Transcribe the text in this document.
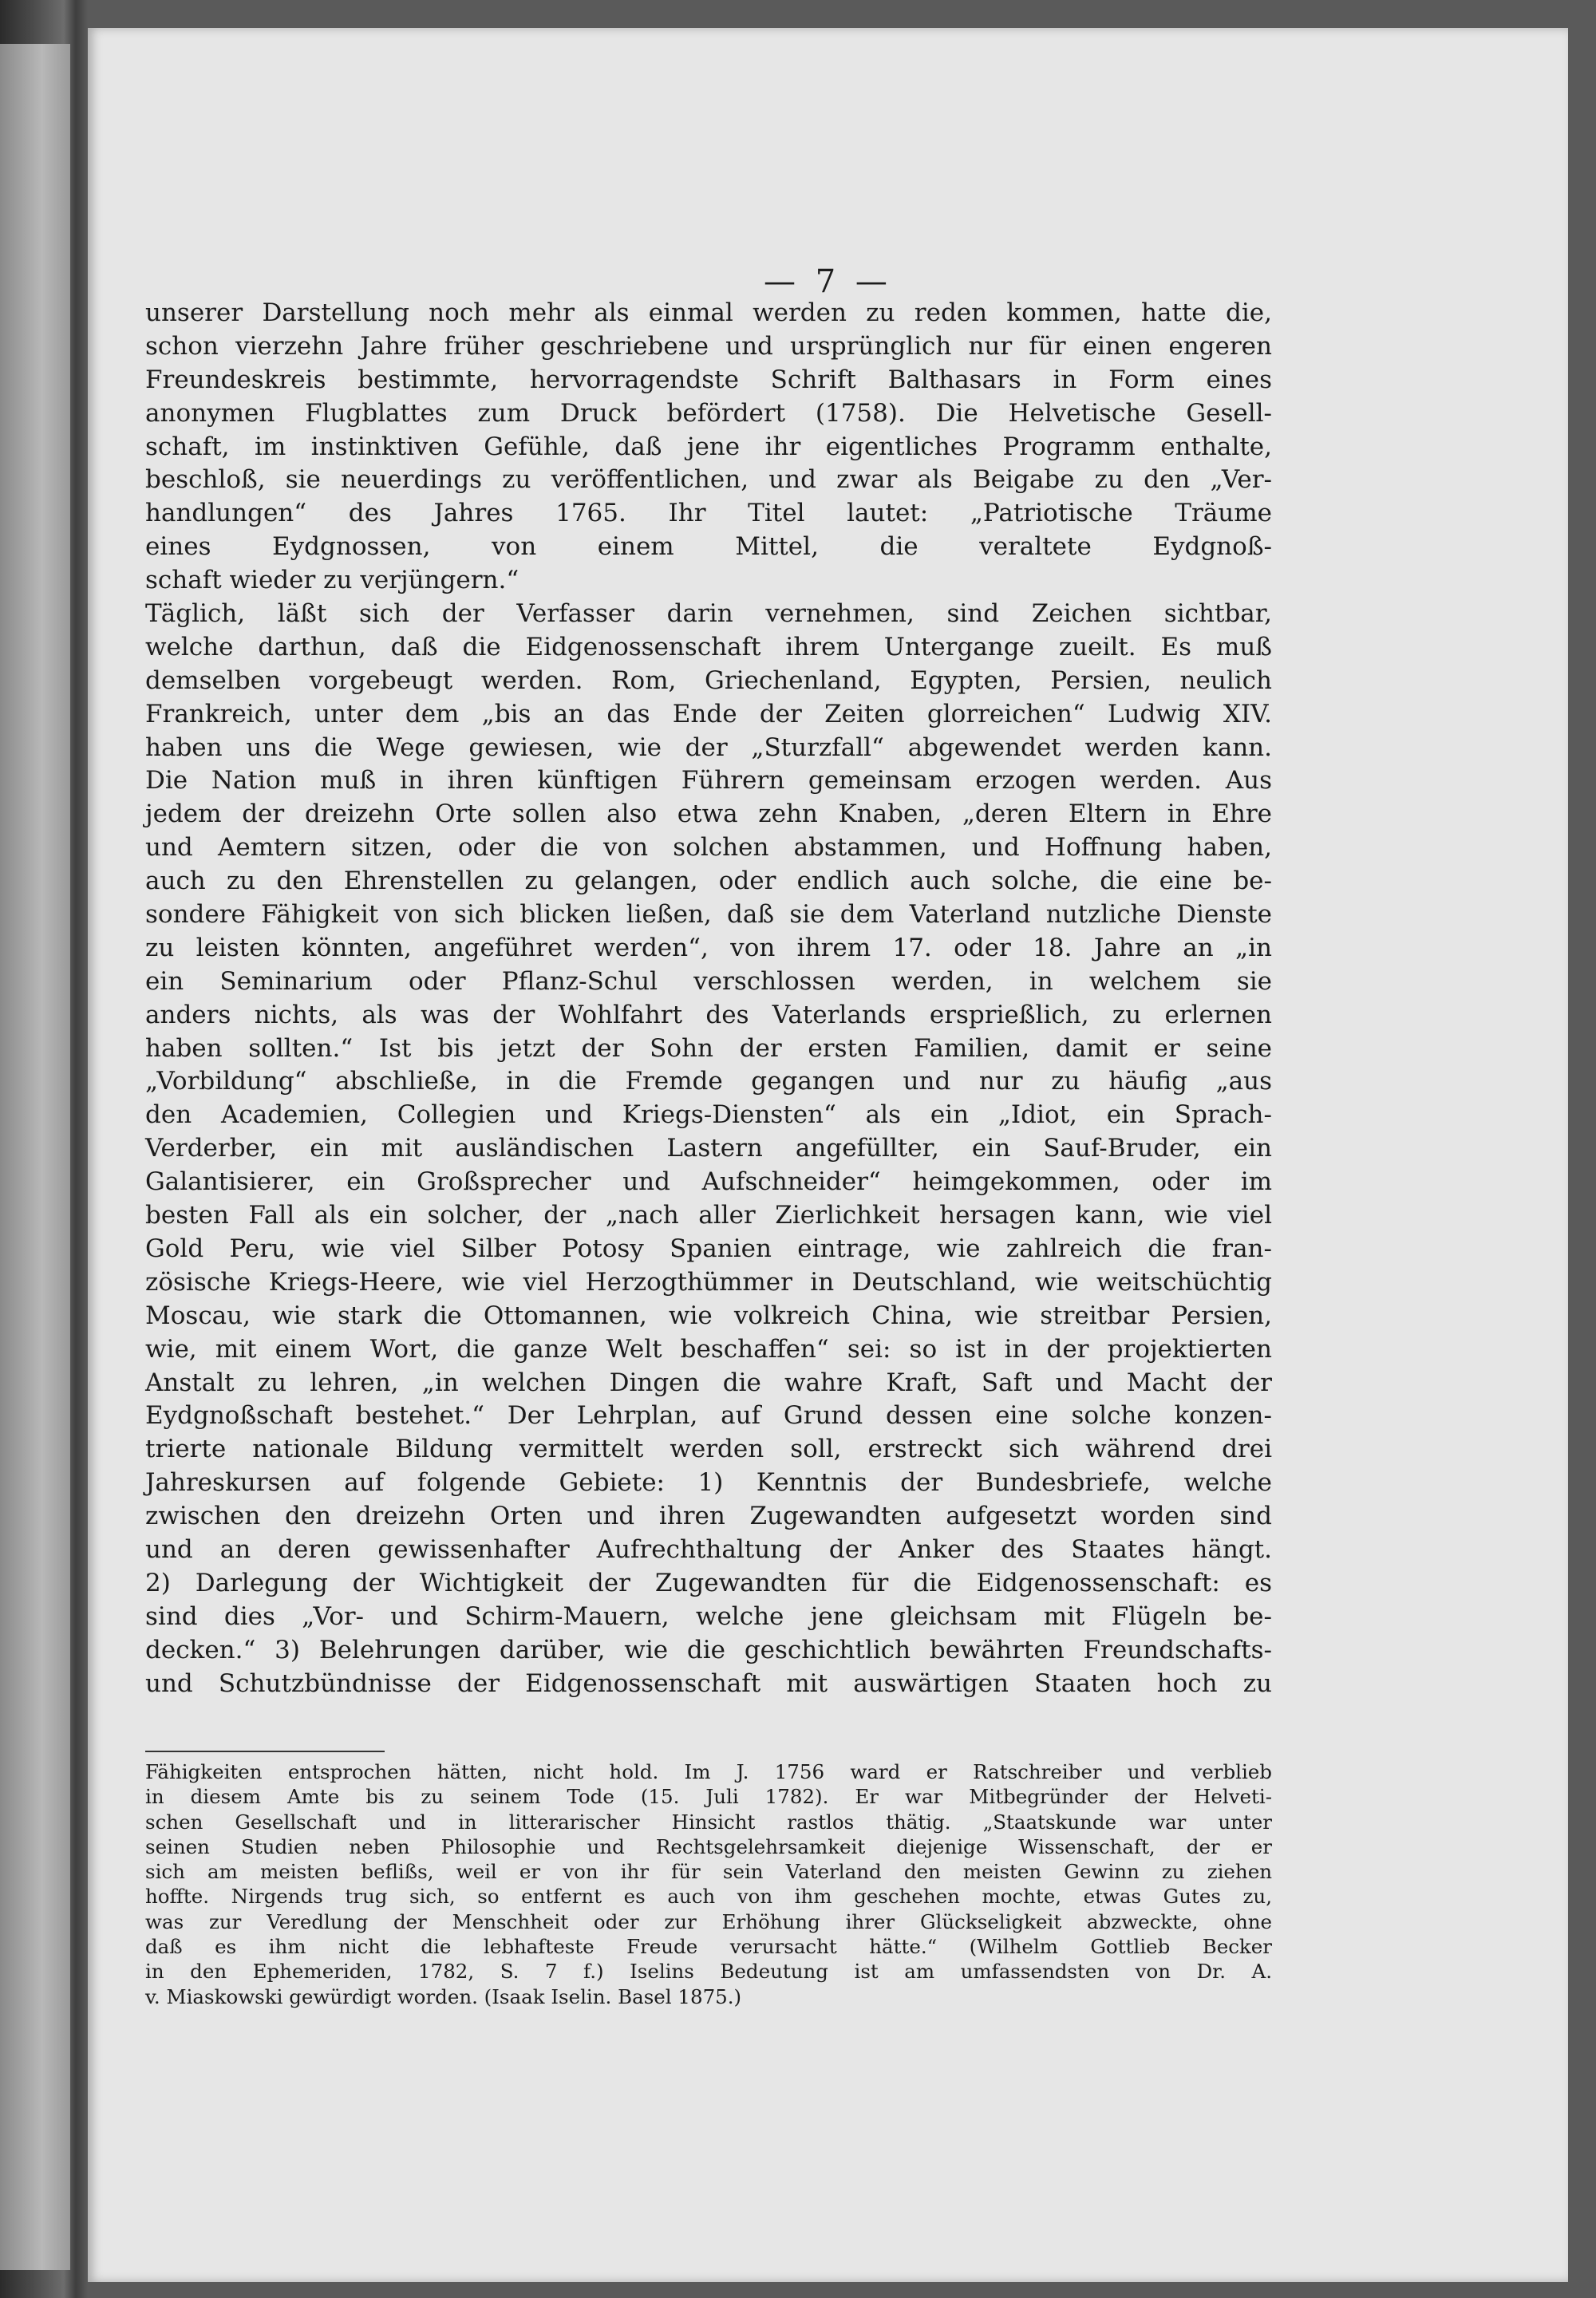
— 7 —
unserer Darstellung noch mehr als einmal werden zu reden kommen, hatte die,
schon vierzehn Jahre früher geschriebene und ursprünglich nur für einen engeren
Freundeskreis bestimmte, hervorragendste Schrift Balthasars in Form eines
anonymen Flugblattes zum Druck befördert (1758). Die Helvetische Gesell-
schaft, im instinktiven Gefühle, daß jene ihr eigentliches Programm enthalte,
beschloß, sie neuerdings zu veröffentlichen, und zwar als Beigabe zu den „Ver-
handlungen“ des Jahres 1765. Ihr Titel lautet: „Patriotische Träume
eines Eydgnossen, von einem Mittel, die veraltete Eydgnoß-
schaft wieder zu verjüngern.“
Täglich, läßt sich der Verfasser darin vernehmen, sind Zeichen sichtbar,
welche darthun, daß die Eidgenossenschaft ihrem Untergange zueilt. Es muß
demselben vorgebeugt werden. Rom, Griechenland, Egypten, Persien, neulich
Frankreich, unter dem „bis an das Ende der Zeiten glorreichen“ Ludwig XIV.
haben uns die Wege gewiesen, wie der „Sturzfall“ abgewendet werden kann.
Die Nation muß in ihren künftigen Führern gemeinsam erzogen werden. Aus
jedem der dreizehn Orte sollen also etwa zehn Knaben, „deren Eltern in Ehre
und Aemtern sitzen, oder die von solchen abstammen, und Hoffnung haben,
auch zu den Ehrenstellen zu gelangen, oder endlich auch solche, die eine be-
sondere Fähigkeit von sich blicken ließen, daß sie dem Vaterland nutzliche Dienste
zu leisten könnten, angeführet werden“, von ihrem 17. oder 18. Jahre an „in
ein Seminarium oder Pflanz-Schul verschlossen werden, in welchem sie
anders nichts, als was der Wohlfahrt des Vaterlands ersprießlich, zu erlernen
haben sollten.“ Ist bis jetzt der Sohn der ersten Familien, damit er seine
„Vorbildung“ abschließe, in die Fremde gegangen und nur zu häufig „aus
den Academien, Collegien und Kriegs-Diensten“ als ein „Idiot, ein Sprach-
Verderber, ein mit ausländischen Lastern angefüllter, ein Sauf-Bruder, ein
Galantisierer, ein Großsprecher und Aufschneider“ heimgekommen, oder im
besten Fall als ein solcher, der „nach aller Zierlichkeit hersagen kann, wie viel
Gold Peru, wie viel Silber Potosy Spanien eintrage, wie zahlreich die fran-
zösische Kriegs-Heere, wie viel Herzogthümmer in Deutschland, wie weitschüchtig
Moscau, wie stark die Ottomannen, wie volkreich China, wie streitbar Persien,
wie, mit einem Wort, die ganze Welt beschaffen“ sei: so ist in der projektierten
Anstalt zu lehren, „in welchen Dingen die wahre Kraft, Saft und Macht der
Eydgnoßschaft bestehet.“ Der Lehrplan, auf Grund dessen eine solche konzen-
trierte nationale Bildung vermittelt werden soll, erstreckt sich während drei
Jahreskursen auf folgende Gebiete: 1) Kenntnis der Bundesbriefe, welche
zwischen den dreizehn Orten und ihren Zugewandten aufgesetzt worden sind
und an deren gewissenhafter Aufrechthaltung der Anker des Staates hängt.
2) Darlegung der Wichtigkeit der Zugewandten für die Eidgenossenschaft: es
sind dies „Vor- und Schirm-Mauern, welche jene gleichsam mit Flügeln be-
decken.“ 3) Belehrungen darüber, wie die geschichtlich bewährten Freundschafts-
und Schutzbündnisse der Eidgenossenschaft mit auswärtigen Staaten hoch zu
Fähigkeiten entsprochen hätten, nicht hold. Im J. 1756 ward er Ratschreiber und verblieb
in diesem Amte bis zu seinem Tode (15. Juli 1782). Er war Mitbegründer der Helveti-
schen Gesellschaft und in litterarischer Hinsicht rastlos thätig. „Staatskunde war unter
seinen Studien neben Philosophie und Rechtsgelehrsamkeit diejenige Wissenschaft, der er
sich am meisten beflißs, weil er von ihr für sein Vaterland den meisten Gewinn zu ziehen
hoffte. Nirgends trug sich, so entfernt es auch von ihm geschehen mochte, etwas Gutes zu,
was zur Veredlung der Menschheit oder zur Erhöhung ihrer Glückseligkeit abzweckte, ohne
daß es ihm nicht die lebhafteste Freude verursacht hätte.“ (Wilhelm Gottlieb Becker
in den Ephemeriden, 1782, S. 7 f.) Iselins Bedeutung ist am umfassendsten von Dr. A.
v. Miaskowski gewürdigt worden. (Isaak Iselin. Basel 1875.)
